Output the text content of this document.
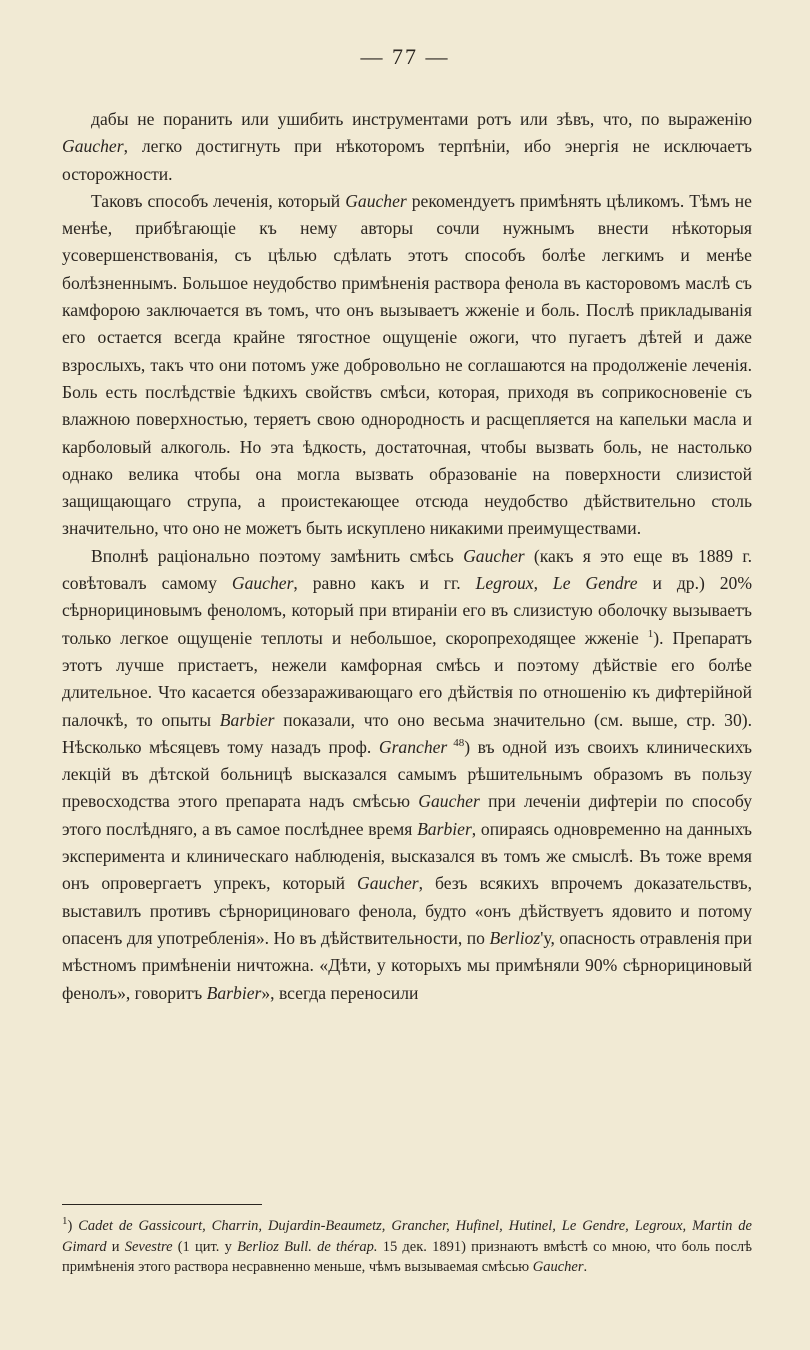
— 77 —

дабы не поранить или ушибить инструментами ротъ или зѣвъ, что, по выраженію Gaucher, легко достигнуть при нѣкоторомъ терпѣніи, ибо энергія не исключаетъ осторожности.

Таковъ способъ леченія, который Gaucher рекомендуетъ примѣнять цѣликомъ. Тѣмъ не менѣе, прибѣгающіе къ нему авторы сочли нужнымъ внести нѣкоторыя усовершенствованія, съ цѣлью сдѣлать этотъ способъ болѣе легкимъ и менѣе болѣзненнымъ. Большое неудобство примѣненія раствора фенола въ касторовомъ маслѣ съ камфорою заключается въ томъ, что онъ вызываетъ жженіе и боль. Послѣ прикладыванія его остается всегда крайне тягостное ощущеніе ожоги, что пугаетъ дѣтей и даже взрослыхъ, такъ что они потомъ уже добровольно не соглашаются на продолженіе леченія. Боль есть послѣдствіе ѣдкихъ свойствъ смѣси, которая, приходя въ соприкосновеніе съ влажною поверхностью, теряетъ свою однородность и расщепляется на капельки масла и карболовый алкоголь. Но эта ѣдкость, достаточная, чтобы вызвать боль, не настолько однако велика чтобы она могла вызвать образованіе на поверхности слизистой защищающаго струпа, а проистекающее отсюда неудобство дѣйствительно столь значительно, что оно не можетъ быть искуплено никакими преимуществами.

Вполнѣ раціонально поэтому замѣнить смѣсь Gaucher (какъ я это еще въ 1889 г. совѣтовалъ самому Gaucher, равно какъ и гг. Legroux, Le Gendre и др.) 20% сѣрнорициновымъ феноломъ, который при втираніи его въ слизистую оболочку вызываетъ только легкое ощущеніе теплоты и небольшое, скоропреходящее жженіе $^1$). Препаратъ этотъ лучше пристаетъ, нежели камфорная смѣсь и поэтому дѣйствіе его болѣе длительное. Что касается обеззараживающаго его дѣйствія по отношенію къ дифтерійной палочкѣ, то опыты Barbier показали, что оно весьма значительно (см. выше, стр. 30). Нѣсколько мѣсяцевъ тому назадъ проф. Grancher $^{48}$) въ одной изъ своихъ клиническихъ лекцій въ дѣтской больницѣ высказался самымъ рѣшительнымъ образомъ въ пользу превосходства этого препарата надъ смѣсью Gaucher при леченіи дифтеріи по способу этого послѣдняго, а въ самое послѣднее время Barbier, опираясь одновременно на данныхъ эксперимента и клиническаго наблюденія, высказался въ томъ же смыслѣ. Въ тоже время онъ опровергаетъ упрекъ, который Gaucher, безъ всякихъ впрочемъ доказательствъ, выставилъ противъ сѣрнорициноваго фенола, будто «онъ дѣйствуетъ ядовито и потому опасенъ для употребленія». Но въ дѣйствительности, по Berlioz'у, опасность отравленія при мѣстномъ примѣненіи ничтожна. «Дѣти, у которыхъ мы примѣняли 90% сѣрнорициновый фенолъ», говоритъ Barbier», всегда переносили

$^1$) Cadet de Gassicourt, Charrin, Dujardin-Beaumetz, Grancher, Hufinel, Hutinel, Le Gendre, Legroux, Martin de Gimard и Sevestre (1 цит. у Berlioz Bull. de thérap. 15 дек. 1891) признаютъ вмѣстѣ со мною, что боль послѣ примѣненія этого раствора несравненно меньше, чѣмъ вызываемая смѣсью Gaucher.
